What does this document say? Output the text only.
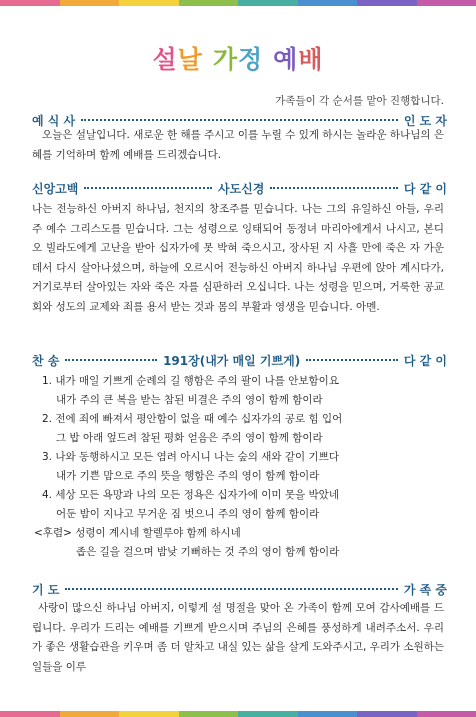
설날 가정 예배
가족들이 각 순서를 맡아 진행합니다.
예 식 사	인 도 자
오늘은 설날입니다. 새로운 한 해를 주시고 이를 누릴 수 있게 하시는 놀라운 하나님의 은혜를 기억하며 함께 예배를 드리겠습니다.
신앙고백	사도신경	다 같 이
나는 전능하신 아버지 하나님, 천지의 창조주를 믿습니다. 나는 그의 유일하신 아들, 우리 주 예수 그리스도를 믿습니다. 그는 성령으로 잉태되어 동정녀 마리아에게서 나시고, 본디오 빌라도에게 고난을 받아 십자가에 못 박혀 죽으시고, 장사된 지 사흘 만에 죽은 자 가운데서 다시 살아나셨으며, 하늘에 오르시어 전능하신 아버지 하나님 우편에 앉아 계시다가, 거기로부터 살아있는 자와 죽은 자를 심판하러 오십니다. 나는 성령을 믿으며, 거룩한 공교회와 성도의 교제와 죄를 용서 받는 것과 몸의 부활과 영생을 믿습니다. 아멘.
찬 송	191장(내가 매일 기쁘게)	다 같 이
1. 내가 매일 기쁘게 순례의 길 행함은 주의 팔이 나를 안보함이요
내가 주의 큰 복을 받는 참된 비결은 주의 영이 함께 함이라
2. 전에 죄에 빠져서 평안함이 없을 때 예수 십자가의 공로 힘 입어
그 밥 아래 엎드려 참된 평화 얻음은 주의 영이 함께 함이라
3. 나와 동행하시고 모든 염려 아시니 나는 숲의 새와 같이 기쁘다
내가 기쁜 맘으로 주의 뜻을 행함은 주의 영이 함께 함이라
4. 세상 모든 욕망과 나의 모든 정욕은 십자가에 이미 못을 박았네
어둔 밤이 지나고 무거운 짐 벗으니 주의 영이 함께 함이라
<후렴> 성령이 계시네 할렐루야 함께 하시네
좁은 길을 걸으며 밤낮 기뻐하는 것 주의 영이 함께 함이라
기 도	가 족 중
사랑이 많으신 하나님 아버지, 이렇게 설 명절을 맞아 온 가족이 함께 모여 감사예배를 드립니다. 우리가 드리는 예배를 기쁘게 받으시며 주님의 은혜를 풍성하게 내려주소서. 우리가 좋은 생활습관을 키우며 좀 더 알차고 내실 있는 삶을 살게 도와주시고, 우리가 소원하는 일들을 이루
